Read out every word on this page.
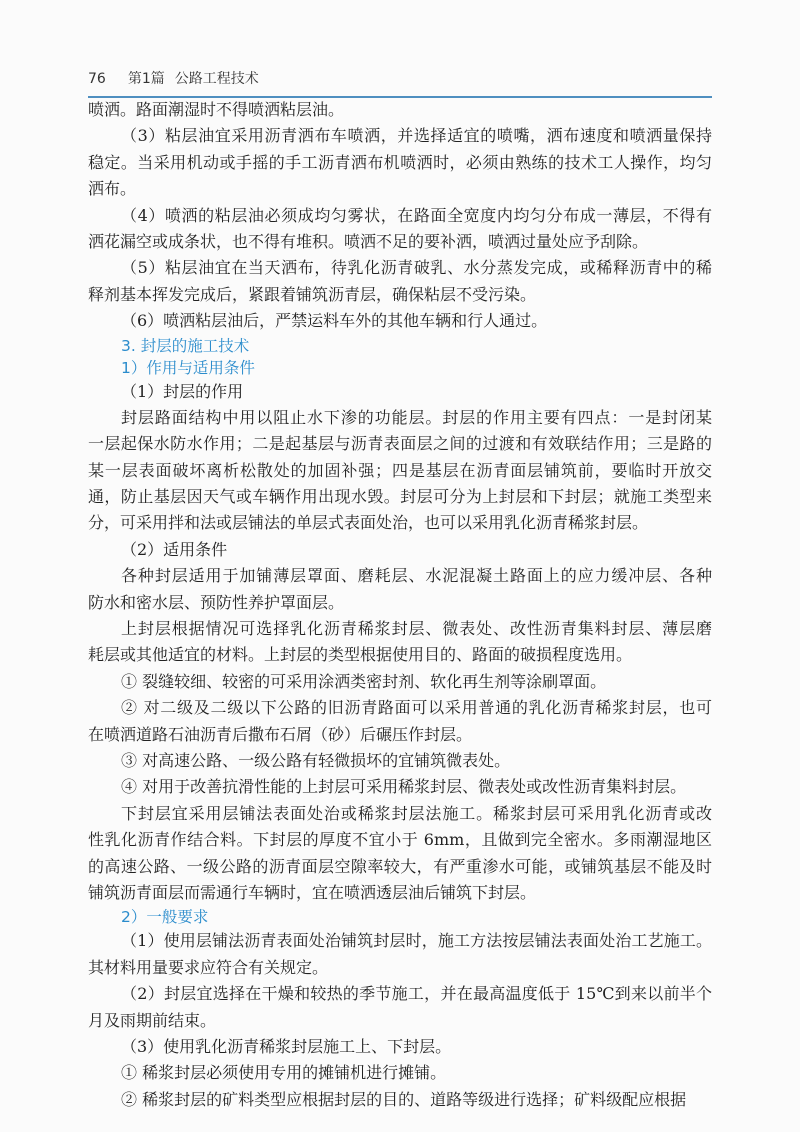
76 第1篇 公路工程技术
喷洒。路面潮湿时不得喷洒粘层油。
（3）粘层油宜采用沥青洒布车喷洒，并选择适宜的喷嘴，洒布速度和喷洒量保持
稳定。当采用机动或手摇的手工沥青洒布机喷洒时，必须由熟练的技术工人操作，均匀
洒布。
（4）喷洒的粘层油必须成均匀雾状，在路面全宽度内均匀分布成一薄层，不得有
洒花漏空或成条状，也不得有堆积。喷洒不足的要补洒，喷洒过量处应予刮除。
（5）粘层油宜在当天洒布，待乳化沥青破乳、水分蒸发完成，或稀释沥青中的稀
释剂基本挥发完成后，紧跟着铺筑沥青层，确保粘层不受污染。
（6）喷洒粘层油后，严禁运料车外的其他车辆和行人通过。
3. 封层的施工技术
1）作用与适用条件
（1）封层的作用
封层路面结构中用以阻止水下渗的功能层。封层的作用主要有四点：一是封闭某
一层起保水防水作用；二是起基层与沥青表面层之间的过渡和有效联结作用；三是路的
某一层表面破坏离析松散处的加固补强；四是基层在沥青面层铺筑前，要临时开放交
通，防止基层因天气或车辆作用出现水毁。封层可分为上封层和下封层；就施工类型来
分，可采用拌和法或层铺法的单层式表面处治，也可以采用乳化沥青稀浆封层。
（2）适用条件
各种封层适用于加铺薄层罩面、磨耗层、水泥混凝土路面上的应力缓冲层、各种
防水和密水层、预防性养护罩面层。
上封层根据情况可选择乳化沥青稀浆封层、微表处、改性沥青集料封层、薄层磨
耗层或其他适宜的材料。上封层的类型根据使用目的、路面的破损程度选用。
① 裂缝较细、较密的可采用涂洒类密封剂、软化再生剂等涂刷罩面。
② 对二级及二级以下公路的旧沥青路面可以采用普通的乳化沥青稀浆封层，也可
在喷洒道路石油沥青后撒布石屑（砂）后碾压作封层。
③ 对高速公路、一级公路有轻微损坏的宜铺筑微表处。
④ 对用于改善抗滑性能的上封层可采用稀浆封层、微表处或改性沥青集料封层。
下封层宜采用层铺法表面处治或稀浆封层法施工。稀浆封层可采用乳化沥青或改
性乳化沥青作结合料。下封层的厚度不宜小于 6mm，且做到完全密水。多雨潮湿地区
的高速公路、一级公路的沥青面层空隙率较大，有严重渗水可能，或铺筑基层不能及时
铺筑沥青面层而需通行车辆时，宜在喷洒透层油后铺筑下封层。
2）一般要求
（1）使用层铺法沥青表面处治铺筑封层时，施工方法按层铺法表面处治工艺施工。
其材料用量要求应符合有关规定。
（2）封层宜选择在干燥和较热的季节施工，并在最高温度低于 15℃到来以前半个
月及雨期前结束。
（3）使用乳化沥青稀浆封层施工上、下封层。
① 稀浆封层必须使用专用的摊铺机进行摊铺。
② 稀浆封层的矿料类型应根据封层的目的、道路等级进行选择；矿料级配应根据
